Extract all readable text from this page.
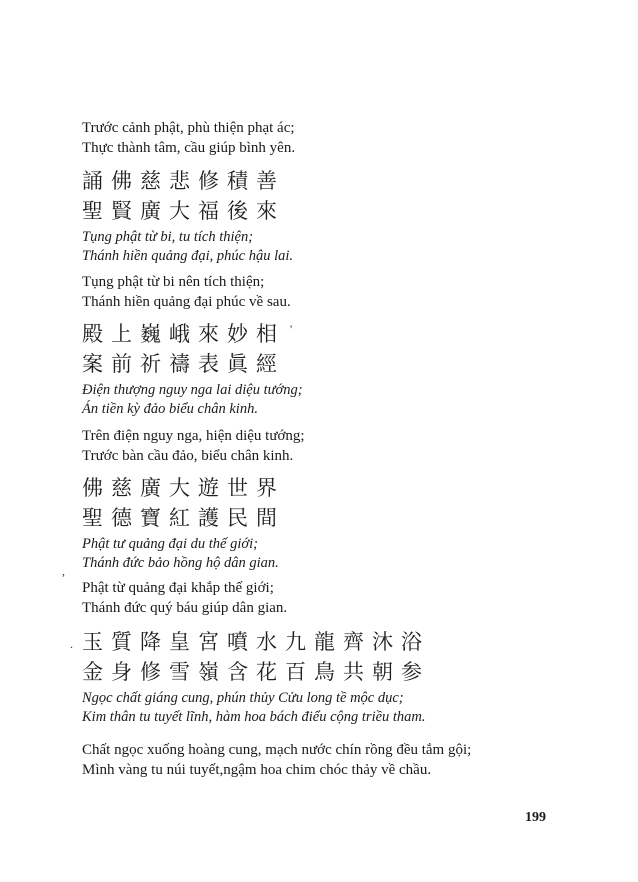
Trước cảnh phật, phù thiện phạt ác;
Thực thành tâm, cầu giúp bình yên.
誦佛慈悲修積善
聖賢廣大福後來
Tụng phật từ bi, tu tích thiện;
Thánh hiền quảng đại, phúc hậu lai.
Tụng phật từ bi nên tích thiện;
Thánh hiền quảng đại phúc về sau.
殿上巍峨來妙相
案前祈禱表眞經
Điện thượng nguy nga lai diệu tướng;
Án tiền kỳ đảo biểu chân kinh.
Trên điện nguy nga, hiện diệu tướng;
Trước bàn cầu đảo, biểu chân kinh.
佛慈廣大遊世界
聖德寶紅護民間
Phật tư quảng đại du thế giới;
Thánh đức bảo hồng hộ dân gian.
Phật từ quảng đại khắp thế giới;
Thánh đức quý báu giúp dân gian.
玉質降皇宮噴水九龍齊沐浴
金身修雪嶺含花百鳥共朝参
Ngọc chất giáng cung, phún thủy Cửu long tề mộc dục;
Kim thân tu tuyết lĩnh, hàm hoa bách điểu cộng triều tham.
Chất ngọc xuống hoàng cung, mạch nước chín rồng đều tắm gội;
Mình vàng tu núi tuyết,ngậm hoa chim chóc thảy về chầu.
'
,
.
199
